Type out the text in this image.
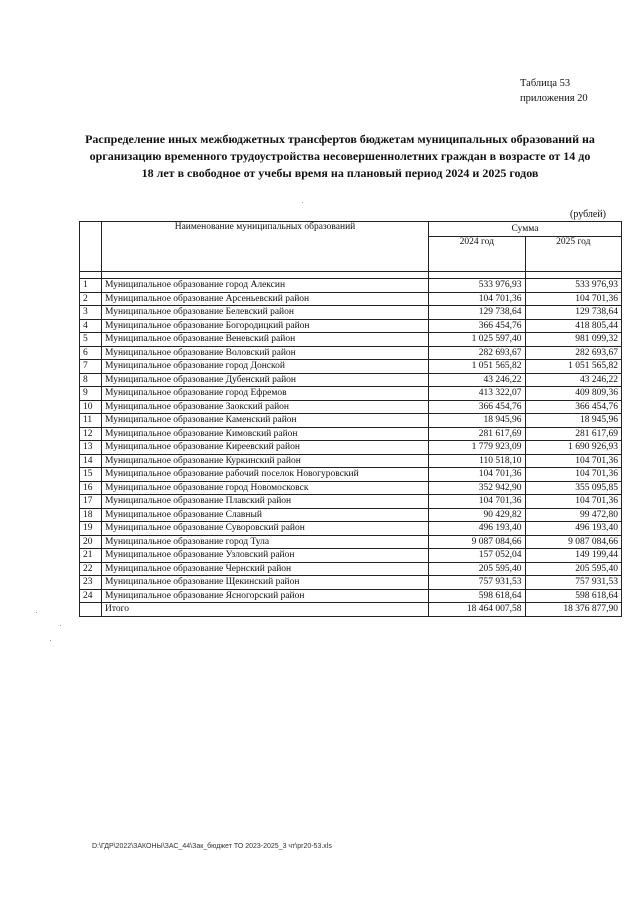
Таблица 53
приложения 20
Распределение иных межбюджетных трансфертов бюджетам муниципальных образований на
организацию временного трудоустройства несовершеннолетних граждан в возрасте от 14 до
18 лет в свободное от учебы время на плановый период 2024 и 2025 годов
(рублей)
	Наименование муниципальных образований	Сумма	
		2024 год	2025 год

1	Муниципальное образование город Алексин	533 976,93	533 976,93
2	Муниципальное образование Арсеньевский район	104 701,36	104 701,36
3	Муниципальное образование Белевский район	129 738,64	129 738,64
4	Муниципальное образование Богородицкий район	366 454,76	418 805,44
5	Муниципальное образование Веневский район	1 025 597,40	981 099,32
6	Муниципальное образование Воловский район	282 693,67	282 693,67
7	Муниципальное образование город Донской	1 051 565,82	1 051 565,82
8	Муниципальное образование Дубенский район	43 246,22	43 246,22
9	Муниципальное образование город Ефремов	413 322,07	409 809,36
10	Муниципальное образование Заокский район	366 454,76	366 454,76
11	Муниципальное образование Каменский район	18 945,96	18 945,96
12	Муниципальное образование Кимовский район	281 617,69	281 617,69
13	Муниципальное образование Киреевский район	1 779 923,09	1 690 926,93
14	Муниципальное образование Куркинский район	110 518,10	104 701,36
15	Муниципальное образование рабочий поселок Новогуровский	104 701,36	104 701,36
16	Муниципальное образование город Новомосковск	352 942,90	355 095,85
17	Муниципальное образование Плавский район	104 701,36	104 701,36
18	Муниципальное образование Славный	90 429,82	99 472,80
19	Муниципальное образование Суворовский район	496 193,40	496 193,40
20	Муниципальное образование город Тула	9 087 084,66	9 087 084,66
21	Муниципальное образование Узловский район	157 052,04	149 199,44
22	Муниципальное образование Чернский район	205 595,40	205 595,40
23	Муниципальное образование Щекинский район	757 931,53	757 931,53
24	Муниципальное образование Ясногорский район	598 618,64	598 618,64
	Итого	18 464 007,58	18 376 877,90
D:\ГДР\2022\ЗАКОНЫ\ЗАС_44\Зак_бюджет ТО 2023-2025_3 чт\pr20-53.xls
